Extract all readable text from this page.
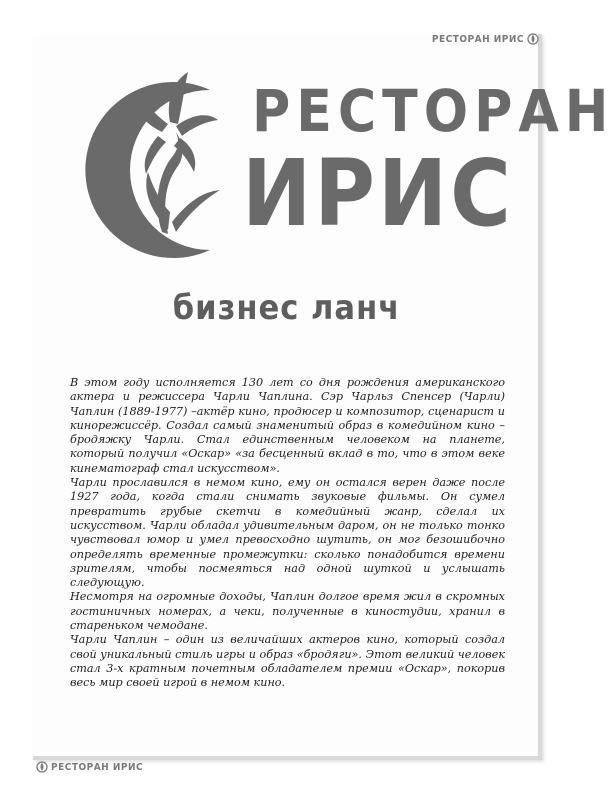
РЕСТОРАН ИРИС
РЕСТОРАН
ИРИС
бизнес ланч

В этом году исполняется 130 лет со дня рождения американского актера и режиссера Чарли Чаплина. Сэр Чарльз Спенсер (Чарли) Чаплин (1889-1977) –актёр кино, продюсер и композитор, сценарист и кинорежиссёр. Создал самый знаменитый образ в комедийном кино – бродяжку Чарли. Стал единственным человеком на планете, который получил «Оскар» «за бесценный вклад в то, что в этом веке кинематограф стал искусством».

Чарли прославился в немом кино, ему он остался верен даже после 1927 года, когда стали снимать звуковые фильмы. Он сумел превратить грубые скетчи в комедийный жанр, сделал их искусством. Чарли обладал удивительным даром, он не только тонко чувствовал юмор и умел превосходно шутить, он мог безошибочно определять временные промежутки: сколько понадобится времени зрителям, чтобы посмеяться над одной шуткой и услышать следующую.

Несмотря на огромные доходы, Чаплин долгое время жил в скромных гостиничных номерах, а чеки, полученные в киностудии, хранил в стареньком чемодане.

Чарли Чаплин – один из величайших актеров кино, который создал свой уникальный стиль игры и образ «бродяги». Этот великий человек стал 3-х кратным почетным обладателем премии «Оскар», покорив весь мир своей игрой в немом кино.

РЕСТОРАН ИРИС
